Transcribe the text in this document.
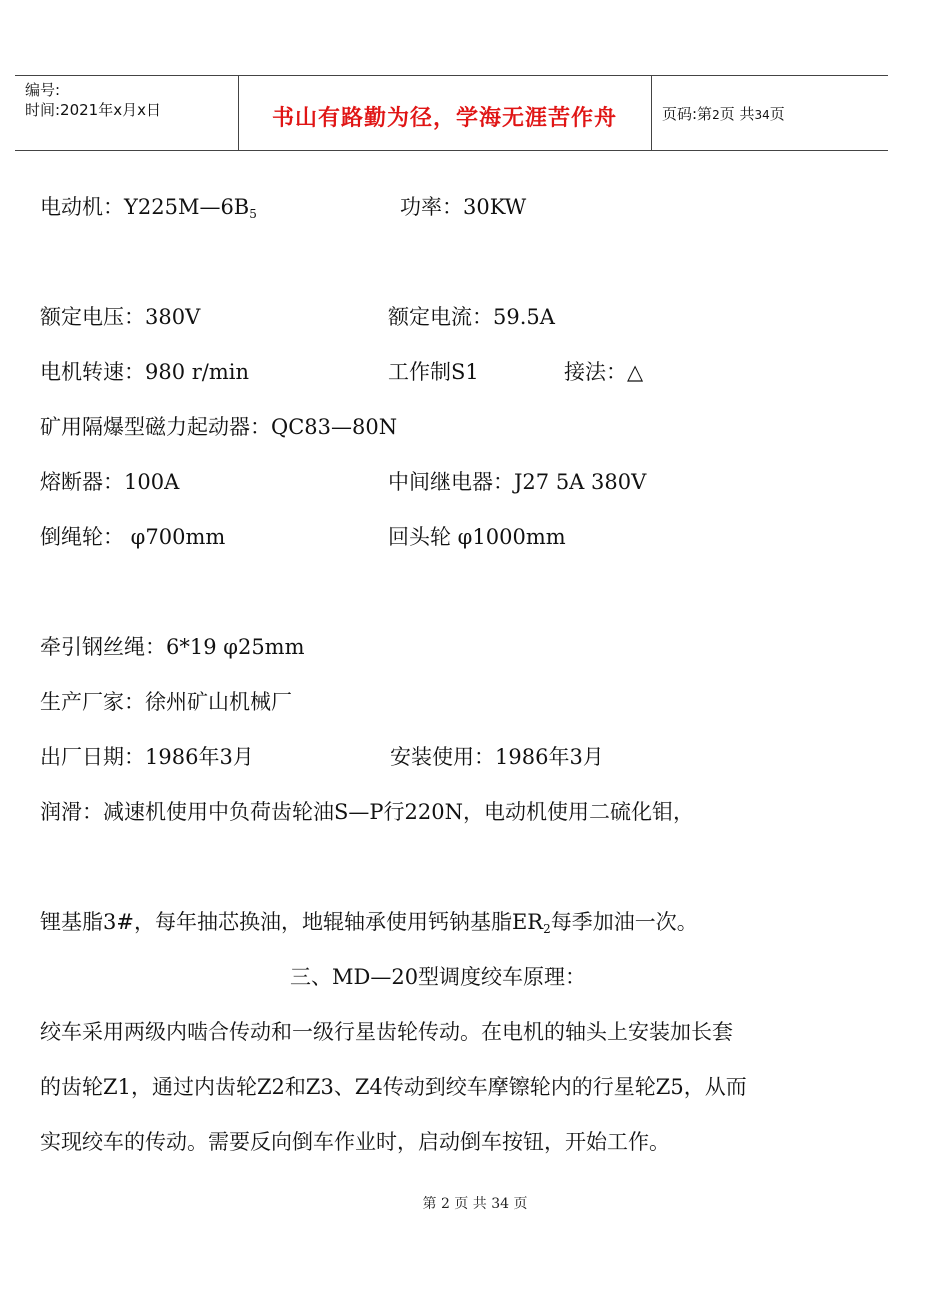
编号:
时间:2021年x月x日	书山有路勤为径，学海无涯苦作舟	页码:第2页 共34页
电动机：$Y225M—6B_5$	功率：30KW
额定电压：380V	额定电流：59.5A
电机转速：980 r/min	工作制S1	接法：△
矿用隔爆型磁力起动器：QC83—80N
熔断器：100A	中间继电器：J27 5A 380V
倒绳轮： φ700mm	回头轮 φ1000mm
牵引钢丝绳：6*19 φ25mm
生产厂家：徐州矿山机械厂
出厂日期：1986年3月	安装使用：1986年3月
润滑：减速机使用中负荷齿轮油S—P行220N，电动机使用二硫化钼，
锂基脂3#，每年抽芯换油，地辊轴承使用钙钠基脂$ER_2$每季加油一次。
三、MD—20型调度绞车原理：
绞车采用两级内啮合传动和一级行星齿轮传动。在电机的轴头上安装加长套
的齿轮Z1，通过内齿轮Z2和Z3、Z4传动到绞车摩镲轮内的行星轮Z5，从而
实现绞车的传动。需要反向倒车作业时，启动倒车按钮，开始工作。
第 2 页 共 34 页
